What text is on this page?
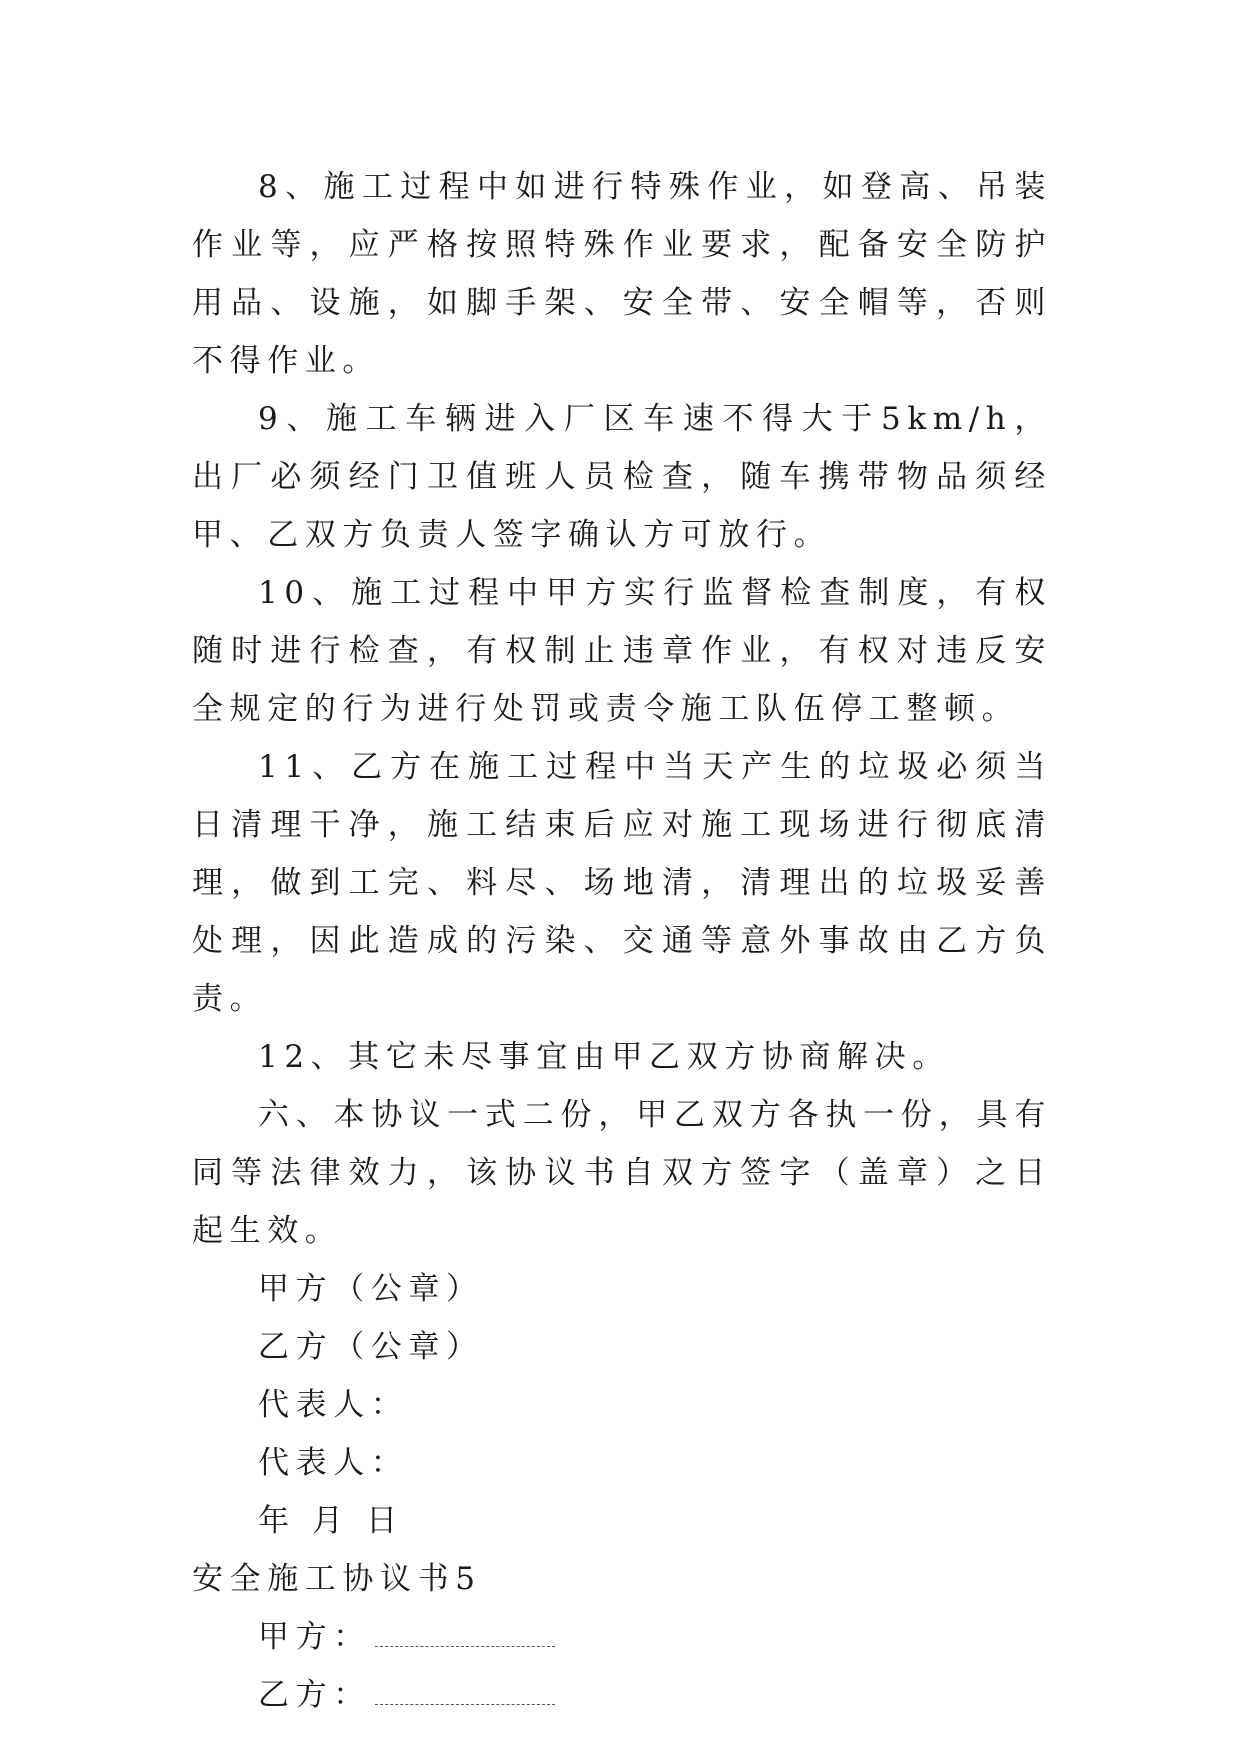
8、施工过程中如进行特殊作业，如登高、吊装作业等，应严格按照特殊作业要求，配备安全防护用品、设施，如脚手架、安全带、安全帽等，否则不得作业。

9、施工车辆进入厂区车速不得大于5km/h，出厂必须经门卫值班人员检查，随车携带物品须经甲、乙双方负责人签字确认方可放行。

10、施工过程中甲方实行监督检查制度，有权随时进行检查，有权制止违章作业，有权对违反安全规定的行为进行处罚或责令施工队伍停工整顿。

11、乙方在施工过程中当天产生的垃圾必须当日清理干净，施工结束后应对施工现场进行彻底清理，做到工完、料尽、场地清，清理出的垃圾妥善处理，因此造成的污染、交通等意外事故由乙方负责。

12、其它未尽事宜由甲乙双方协商解决。

六、本协议一式二份，甲乙双方各执一份，具有同等法律效力，该协议书自双方签字（盖章）之日起生效。

甲方（公章）

乙方（公章）

代表人：

代表人：

年 月 日

安全施工协议书5

甲方：

乙方：
